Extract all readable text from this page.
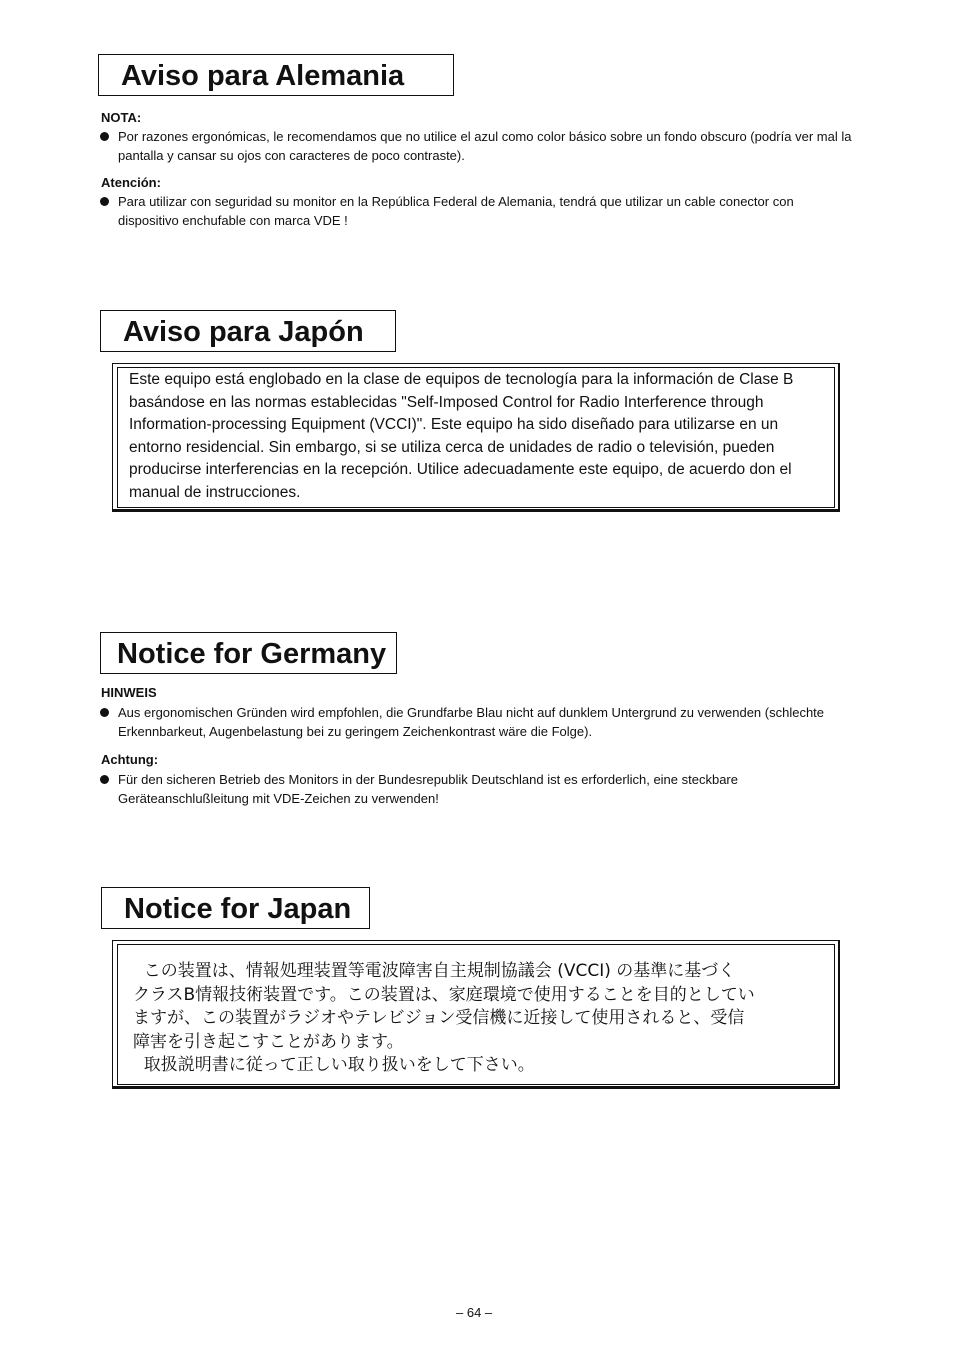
Aviso para Alemania
NOTA:
Por razones ergonómicas, le recomendamos que no utilice el azul como color básico sobre un fondo obscuro (podría ver mal la pantalla y cansar su ojos con caracteres de poco contraste).
Atención:
Para utilizar con seguridad su monitor en la República Federal de Alemania, tendrá que utilizar un cable conector con dispositivo enchufable con marca VDE !
Aviso para Japón
Este equipo está englobado en la clase de equipos de tecnología para la información de Clase B basándose en las normas establecidas "Self-Imposed Control for Radio Interference through Information-processing Equipment (VCCI)". Este equipo ha sido diseñado para utilizarse en un entorno residencial. Sin embargo, si se utiliza cerca de unidades de radio o televisión, pueden producirse interferencias en la recepción. Utilice adecuadamente este equipo, de acuerdo don el manual de instrucciones.
Notice for Germany
HINWEIS
Aus ergonomischen Gründen wird empfohlen, die Grundfarbe Blau nicht auf dunklem Untergrund zu verwenden (schlechte Erkennbarkeut, Augenbelastung bei zu geringem Zeichenkontrast wäre die Folge).
Achtung:
Für den sicheren Betrieb des Monitors in der Bundesrepublik Deutschland ist es erforderlich, eine steckbare Geräteanschlußleitung mit VDE-Zeichen zu verwenden!
Notice for Japan
この装置は、情報処理装置等電波障害自主規制協議会 (VCCI) の基準に基づく
クラスB情報技術装置です。この装置は、家庭環境で使用することを目的としてい
ますが、この装置がラジオやテレビジョン受信機に近接して使用されると、受信
障害を引き起こすことがあります。
取扱説明書に従って正しい取り扱いをして下さい。
– 64 –
